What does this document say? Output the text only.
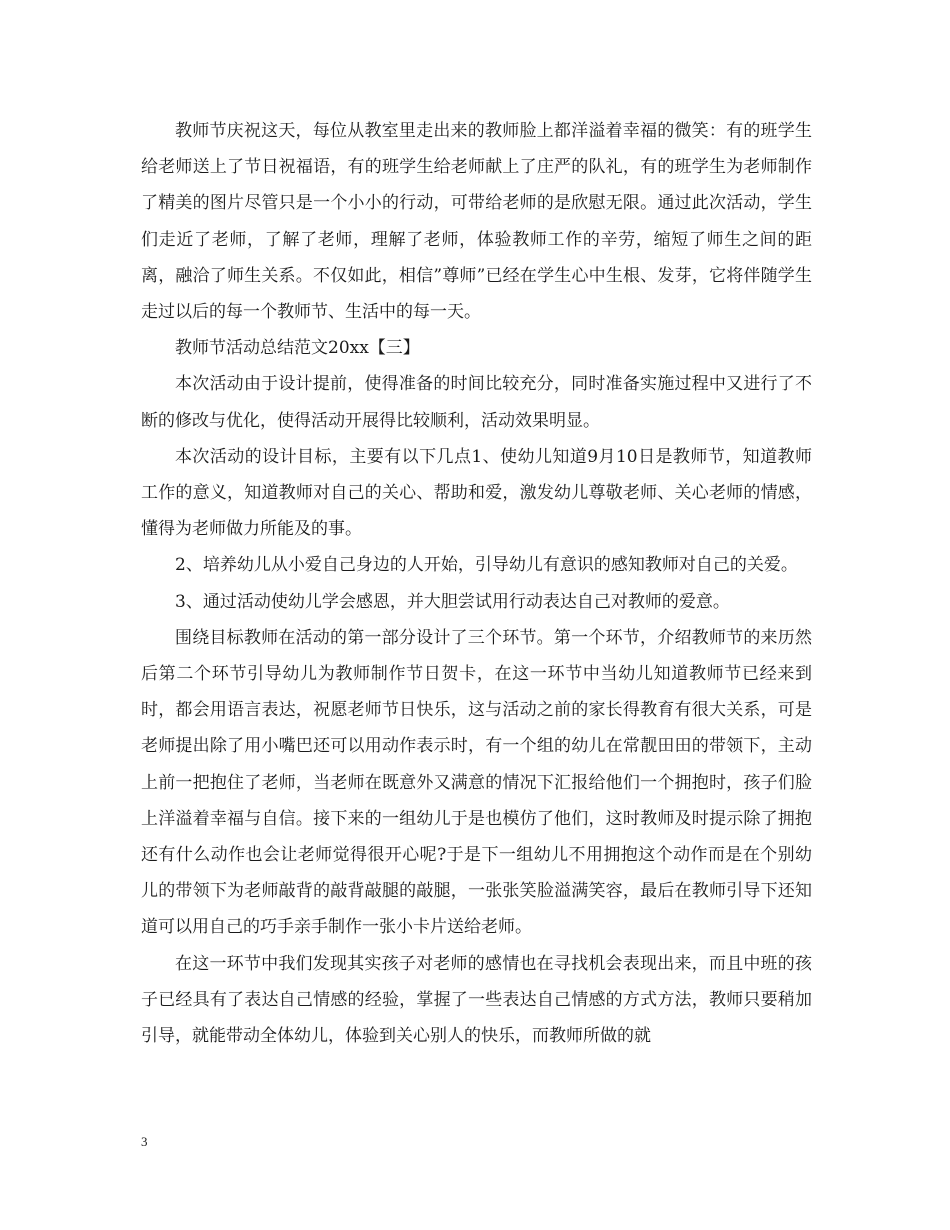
教师节庆祝这天，每位从教室里走出来的教师脸上都洋溢着幸福的微笑：有的班学生给老师送上了节日祝福语，有的班学生给老师献上了庄严的队礼，有的班学生为老师制作了精美的图片尽管只是一个小小的行动，可带给老师的是欣慰无限。通过此次活动，学生们走近了老师，了解了老师，理解了老师，体验教师工作的辛劳，缩短了师生之间的距离，融洽了师生关系。不仅如此，相信”尊师”已经在学生心中生根、发芽，它将伴随学生走过以后的每一个教师节、生活中的每一天。

教师节活动总结范文20xx【三】

本次活动由于设计提前，使得准备的时间比较充分，同时准备实施过程中又进行了不断的修改与优化，使得活动开展得比较顺利，活动效果明显。

本次活动的设计目标，主要有以下几点1、使幼儿知道9月10日是教师节，知道教师工作的意义，知道教师对自己的关心、帮助和爱，激发幼儿尊敬老师、关心老师的情感，懂得为老师做力所能及的事。

2、培养幼儿从小爱自己身边的人开始，引导幼儿有意识的感知教师对自己的关爱。

3、通过活动使幼儿学会感恩，并大胆尝试用行动表达自己对教师的爱意。

围绕目标教师在活动的第一部分设计了三个环节。第一个环节，介绍教师节的来历然后第二个环节引导幼儿为教师制作节日贺卡，在这一环节中当幼儿知道教师节已经来到时，都会用语言表达，祝愿老师节日快乐，这与活动之前的家长得教育有很大关系，可是老师提出除了用小嘴巴还可以用动作表示时，有一个组的幼儿在常靓田田的带领下，主动上前一把抱住了老师，当老师在既意外又满意的情况下汇报给他们一个拥抱时，孩子们脸上洋溢着幸福与自信。接下来的一组幼儿于是也模仿了他们，这时教师及时提示除了拥抱还有什么动作也会让老师觉得很开心呢?于是下一组幼儿不用拥抱这个动作而是在个别幼儿的带领下为老师敲背的敲背敲腿的敲腿，一张张笑脸溢满笑容，最后在教师引导下还知道可以用自己的巧手亲手制作一张小卡片送给老师。

在这一环节中我们发现其实孩子对老师的感情也在寻找机会表现出来，而且中班的孩子已经具有了表达自己情感的经验，掌握了一些表达自己情感的方式方法，教师只要稍加引导，就能带动全体幼儿，体验到关心别人的快乐，而教师所做的就

3
